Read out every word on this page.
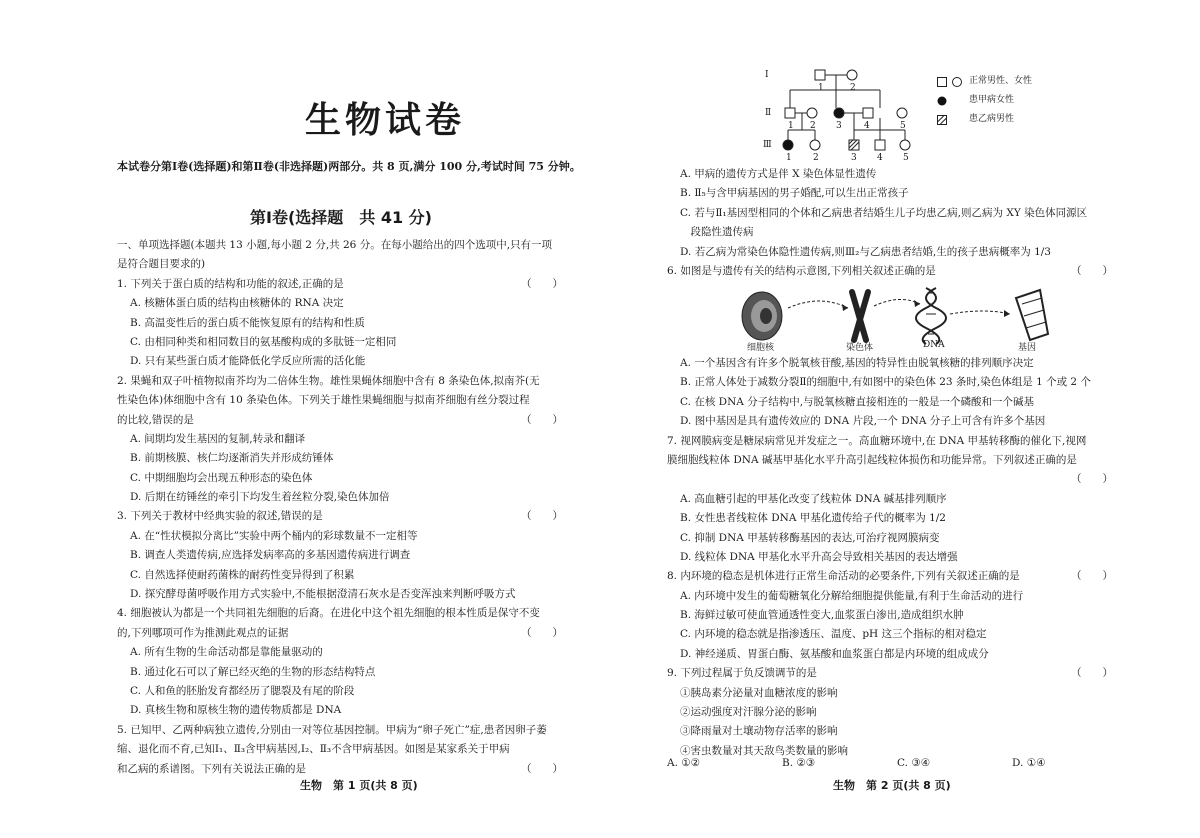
生物试卷
本试卷分第Ⅰ卷(选择题)和第Ⅱ卷(非选择题)两部分。共 8 页,满分 100 分,考试时间 75 分钟。
第Ⅰ卷(选择题　共 41 分)
一、单项选择题(本题共 13 小题,每小题 2 分,共 26 分。在每小题给出的四个选项中,只有一项
是符合题目要求的)
1. 下列关于蛋白质的结构和功能的叙述,正确的是	（　　）
A. 核糖体蛋白质的结构由核糖体的 RNA 决定
B. 高温变性后的蛋白质不能恢复原有的结构和性质
C. 由相同种类和相同数目的氨基酸构成的多肽链一定相同
D. 只有某些蛋白质才能降低化学反应所需的活化能
2. 果蝇和双子叶植物拟南芥均为二倍体生物。雄性果蝇体细胞中含有 8 条染色体,拟南芥(无
性染色体)体细胞中含有 10 条染色体。下列关于雄性果蝇细胞与拟南芥细胞有丝分裂过程
的比较,错误的是	（　　）
A. 间期均发生基因的复制,转录和翻译
B. 前期核膜、核仁均逐渐消失并形成纺锤体
C. 中期细胞均会出现五种形态的染色体
D. 后期在纺锤丝的牵引下均发生着丝粒分裂,染色体加倍
3. 下列关于教材中经典实验的叙述,错误的是	（　　）
A. 在“性状模拟分离比”实验中两个桶内的彩球数量不一定相等
B. 调查人类遗传病,应选择发病率高的多基因遗传病进行调查
C. 自然选择使耐药菌株的耐药性变异得到了积累
D. 探究酵母菌呼吸作用方式实验中,不能根据澄清石灰水是否变浑浊来判断呼吸方式
4. 细胞被认为都是一个共同祖先细胞的后裔。在进化中这个祖先细胞的根本性质是保守不变
的,下列哪项可作为推测此观点的证据	（　　）
A. 所有生物的生命活动都是靠能量驱动的
B. 通过化石可以了解已经灭绝的生物的形态结构特点
C. 人和鱼的胚胎发育都经历了腮裂及有尾的阶段
D. 真核生物和原核生物的遗传物质都是 DNA
5. 已知甲、乙两种病独立遗传,分别由一对等位基因控制。甲病为“卵子死亡”症,患者因卵子萎
缩、退化而不育,已知Ⅰ₁、Ⅱ₃含甲病基因,Ⅰ₂、Ⅱ₃不含甲病基因。如图是某家系关于甲病
和乙病的系谱图。下列有关说法正确的是	（　　）
生物　第 1 页(共 8 页)
Ⅰ
Ⅱ
Ⅲ
1	2
1 2 3 4	5
1 2	3 4 5
正常男性、女性
患甲病女性
患乙病男性
A. 甲病的遗传方式是伴 X 染色体显性遗传
B. Ⅱ₅与含甲病基因的男子婚配,可以生出正常孩子
C. 若与Ⅱ₁基因型相同的个体和乙病患者结婚生儿子均患乙病,则乙病为 XY 染色体同源区
　段隐性遗传病
D. 若乙病为常染色体隐性遗传病,则Ⅲ₂与乙病患者结婚,生的孩子患病概率为 1/3
6. 如图是与遗传有关的结构示意图,下列相关叙述正确的是	（　　）
细胞核	染色体	DNA	基因
A. 一个基因含有许多个脱氧核苷酸,基因的特异性由脱氧核糖的排列顺序决定
B. 正常人体处于减数分裂Ⅱ的细胞中,有如图中的染色体 23 条时,染色体组是 1 个或 2 个
C. 在核 DNA 分子结构中,与脱氧核糖直接相连的一般是一个磷酸和一个碱基
D. 图中基因是具有遗传效应的 DNA 片段,一个 DNA 分子上可含有许多个基因
7. 视网膜病变是糖尿病常见并发症之一。高血糖环境中,在 DNA 甲基转移酶的催化下,视网
膜细胞线粒体 DNA 碱基甲基化水平升高引起线粒体损伤和功能异常。下列叙述正确的是
（　　）
A. 高血糖引起的甲基化改变了线粒体 DNA 碱基排列顺序
B. 女性患者线粒体 DNA 甲基化遗传给子代的概率为 1/2
C. 抑制 DNA 甲基转移酶基因的表达,可治疗视网膜病变
D. 线粒体 DNA 甲基化水平升高会导致相关基因的表达增强
8. 内环境的稳态是机体进行正常生命活动的必要条件,下列有关叙述正确的是	（　　）
A. 内环境中发生的葡萄糖氧化分解给细胞提供能量,有利于生命活动的进行
B. 海鲜过敏可使血管通透性变大,血浆蛋白渗出,造成组织水肿
C. 内环境的稳态就是指渗透压、温度、pH 这三个指标的相对稳定
D. 神经递质、胃蛋白酶、氨基酸和血浆蛋白都是内环境的组成成分
9. 下列过程属于负反馈调节的是	（　　）
①胰岛素分泌量对血糖浓度的影响
②运动强度对汗腺分泌的影响
③降雨量对土壤动物存活率的影响
④害虫数量对其天敌鸟类数量的影响
A. ①②	B. ②③	C. ③④	D. ①④
生物　第 2 页(共 8 页)
